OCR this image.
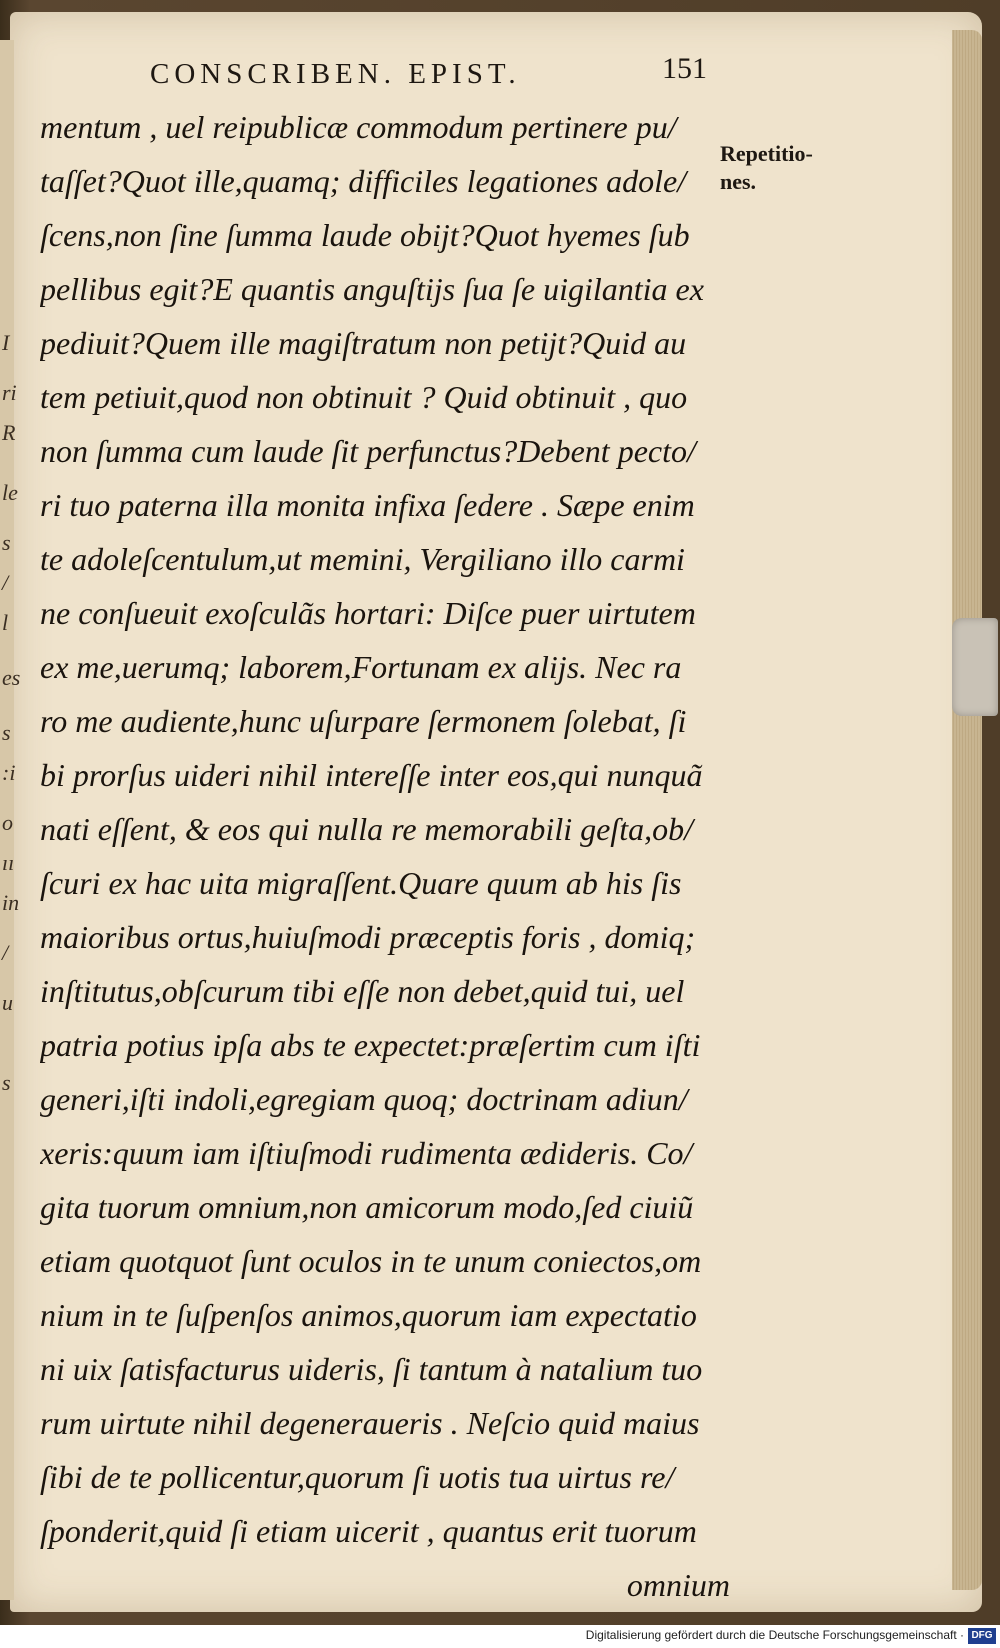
I
ri
R
le
s
/
l
es
s
:i
o
ıı
in
/
u
s
CONSCRIBEN. EPIST.	151
Repetitio-
nes.
mentum , uel reipublicæ commodum pertinere pu/
taſſet?Quot ille,quamq; difficiles legationes adole/
ſcens,non ſine ſumma laude obijt?Quot hyemes ſub
pellibus egit?E quantis anguſtijs ſua ſe uigilantia ex
pediuit?Quem ille magiſtratum non petijt?Quid au
tem petiuit,quod non obtinuit ? Quid obtinuit , quo
non ſumma cum laude ſit perfunctus?Debent pecto/
ri tuo paterna illa monita infixa ſedere . Sæpe enim
te adoleſcentulum,ut memini, Vergiliano illo carmi
ne conſueuit exoſculãs hortari: Diſce puer uirtutem
ex me,uerumq; laborem,Fortunam ex alijs. Nec ra
ro me audiente,hunc uſurpare ſermonem ſolebat, ſi
bi prorſus uideri nihil intereſſe inter eos,qui nunquã
nati eſſent, & eos qui nulla re memorabili geſta,ob/
ſcuri ex hac uita migraſſent.Quare quum ab his ſis
maioribus ortus,huiuſmodi præceptis foris , domiq;
inſtitutus,obſcurum tibi eſſe non debet,quid tui, uel
patria potius ipſa abs te expectet:præſertim cum iſti
generi,iſti indoli,egregiam quoq; doctrinam adiun/
xeris:quum iam iſtiuſmodi rudimenta ædideris. Co/
gita tuorum omnium,non amicorum modo,ſed ciuiũ
etiam quotquot ſunt oculos in te unum coniectos,om
nium in te ſuſpenſos animos,quorum iam expectatio
ni uix ſatisfacturus uideris, ſi tantum à natalium tuo
rum uirtute nihil degeneraueris . Neſcio quid maius
ſibi de te pollicentur,quorum ſi uotis tua uirtus re/
ſponderit,quid ſi etiam uicerit , quantus erit tuorum
omnium
Digitalisierung gefördert durch die Deutsche Forschungsgemeinschaft · DFG
